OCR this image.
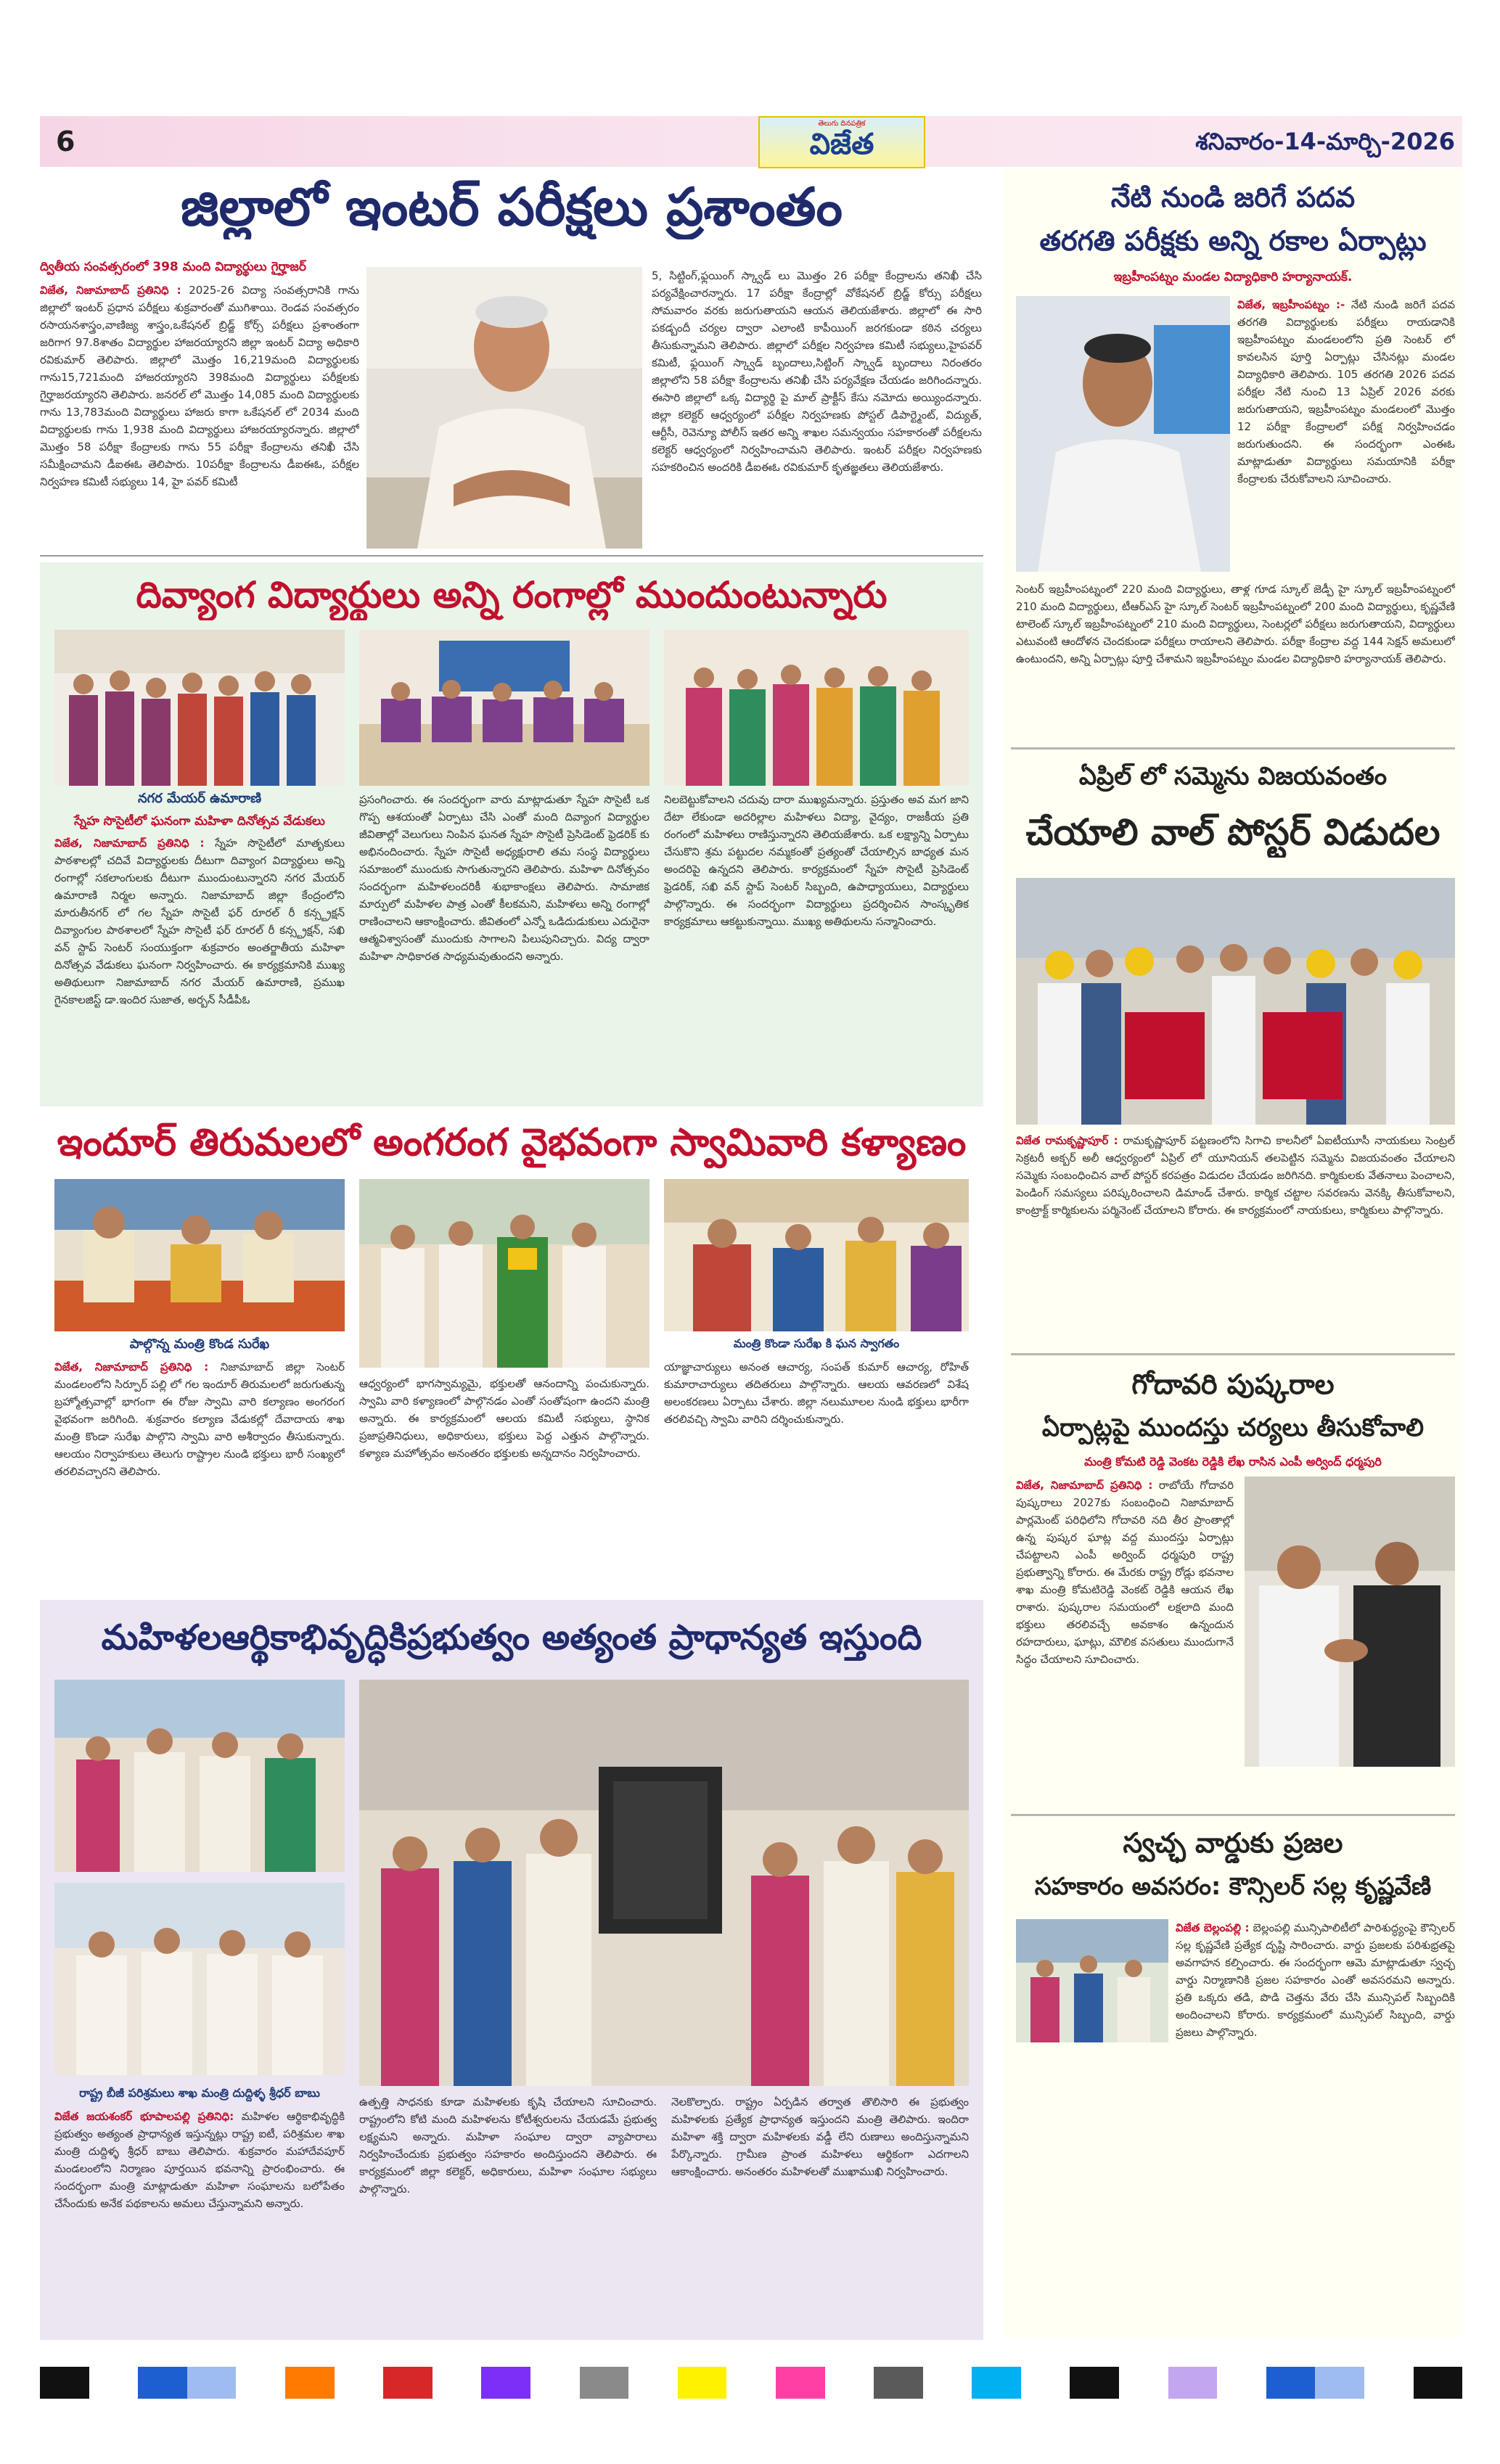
6
తెలుగు దినపత్రిక
విజేత	శనివారం-14-మార్చి-2026
జిల్లాలో ఇంటర్ పరీక్షలు ప్రశాంతం
ద్వితీయ సంవత్సరంలో 398 మంది విద్యార్థులు గైర్హాజర్
విజేత, నిజామాబాద్ ప్రతినిధి : 2025-26 విద్యా సంవత్సరానికి గాను జిల్లాలో ఇంటర్ ప్రధాన పరీక్షలు శుక్రవారంతో ముగిశాయి. రెండవ సంవత్సరం రసాయనశాస్త్రం,వాణిజ్య శాస్త్రం,ఒకేషనల్ బ్రిడ్జ్ కోర్స్ పరీక్షలు ప్రశాంతంగా జరిగాగ 97.8శాతం విద్యార్థుల హాజరయ్యారని జిల్లా ఇంటర్ విద్యా అధికారి రవికుమార్ తెలిపారు. జిల్లాలో మొత్తం 16,219మంది విద్యార్థులకు గాను15,721మంది హాజరయ్యారని 398మంది విద్యార్థులు పరీక్షలకు గైర్హాజరయ్యారని తెలిపారు. జనరల్ లో మొత్తం 14,085 మంది విద్యార్థులకు గాను 13,783మంది విద్యార్థులు హాజరు కాగా ఒకేషనల్ లో 2034 మంది విద్యార్థులకు గాను 1,938 మంది విద్యార్థులు హాజరయ్యారన్నారు. జిల్లాలో మొత్తం 58 పరీక్షా కేంద్రాలకు గాను 55 పరీక్షా కేంద్రాలను తనిఖీ చేసి సమీక్షించామని డీఐఈఓ తెలిపారు. 10పరీక్షా కేంద్రాలను డీఐఈఓ, పరీక్షల నిర్వహణ కమిటీ సభ్యులు 14, హై పవర్ కమిటీ
5, సిట్టింగ్,ఫ్లయింగ్ స్క్వాడ్ లు మొత్తం 26 పరీక్షా కేంద్రాలను తనిఖీ చేసి పర్యవేక్షించారన్నారు. 17 పరీక్షా కేంద్రాల్లో వోకేషనల్ బ్రిడ్జ్ కోర్సు పరీక్షలు సోమవారం వరకు జరుగుతాయని ఆయన తెలియజేశారు. జిల్లాలో ఈ సారి పకడ్బందీ చర్యల ద్వారా ఎలాంటి కాపీయింగ్ జరగకుండా కఠిన చర్యలు తీసుకున్నామని తెలిపారు. జిల్లాలో పరీక్షల నిర్వహణ కమిటీ సభ్యులు,హైపవర్ కమిటీ, ఫ్లయింగ్ స్క్వాడ్ బృందాలు,సిట్టింగ్ స్క్వాడ్ బృందాలు నిరంతరం జిల్లాలోని 58 పరీక్షా కేంద్రాలను తనిఖీ చేసి పర్యవేక్షణ చేయడం జరిగిందన్నారు. ఈసారి జిల్లాలో ఒక్క విద్యార్థి పై మాల్ ప్రాక్టీస్ కేసు నమోదు అయ్యిందన్నారు. జిల్లా కలెక్టర్ ఆధ్వర్యంలో పరీక్షల నిర్వహణకు పోస్టల్ డిపార్ట్మెంట్, విద్యుత్, ఆర్టీసీ, రెవెన్యూ పోలీస్ ఇతర అన్ని శాఖల సమన్వయం సహకారంతో పరీక్షలను కలెక్టర్ ఆధ్వర్యంలో నిర్వహించామని తెలిపారు. ఇంటర్ పరీక్షల నిర్వహణకు సహకరించిన అందరికి డీఐఈఓ రవికుమార్ కృతజ్ఞతలు తెలియజేశారు.
దివ్యాంగ విద్యార్థులు అన్ని రంగాల్లో ముందుంటున్నారు
నగర మేయర్ ఉమారాణి
స్నేహ సొసైటీలో ఘనంగా మహిళా దినోత్సవ వేడుకలు
విజేత, నిజామాబాద్ ప్రతినిధి : స్నేహ సొసైటీలో మాతృకులు పాఠశాలల్లో చదివే విద్యార్థులకు దీటుగా దివ్యాంగ విద్యార్థులు అన్ని రంగాల్లో సకలాంగులకు దీటుగా ముందుంటున్నారని నగర మేయర్ ఉమారాణి నిర్మల అన్నారు. నిజామాబాద్ జిల్లా కేంద్రంలోని మారుతీనగర్ లో గల స్నేహ సొసైటీ ఫర్ రూరల్ రీ కన్స్ట్రక్షన్ దివ్యాంగుల పాఠశాలలో స్నేహ సొసైటీ ఫర్ రూరల్ రీ కన్స్ట్రక్షన్, సఖి వన్ స్టాప్ సెంటర్ సంయుక్తంగా శుక్రవారం అంతర్జాతీయ మహిళా దినోత్సవ వేడుకలు ఘనంగా నిర్వహించారు. ఈ కార్యక్రమానికి ముఖ్య అతిథులుగా నిజామాబాద్ నగర మేయర్ ఉమారాణి, ప్రముఖ గైనకాలజిస్ట్ డా.ఇందిర సుజాత, అర్బన్ సీడీపీఓ
ప్రసంగించారు. ఈ సందర్భంగా వారు మాట్లాడుతూ స్నేహ సొసైటీ ఒక గొప్ప ఆశయంతో ఏర్పాటు చేసి ఎంతో మంది దివ్యాంగ విద్యార్థుల జీవితాల్లో వెలుగులు నింపిన ఘనత స్నేహ సొసైటీ ప్రెసిడెంట్ ఫ్రెడరిక్ కు అభినందించారు. స్నేహ సొసైటీ అధ్యక్షురాలి తమ సంస్థ విద్యార్థులు సమాజంలో ముందుకు సాగుతున్నారని తెలిపారు. మహిళా దినోత్సవం సందర్భంగా మహిళలందరికీ శుభాకాంక్షలు తెలిపారు. సామాజిక మార్పులో మహిళల పాత్ర ఎంతో కీలకమని, మహిళలు అన్ని రంగాల్లో రాణించాలని ఆకాంక్షించారు. జీవితంలో ఎన్నో ఒడిదుడుకులు ఎదురైనా ఆత్మవిశ్వాసంతో ముందుకు సాగాలని పిలుపునిచ్చారు. విద్య ద్వారా మహిళా సాధికారత సాధ్యమవుతుందని అన్నారు.
నిలబెట్టుకోవాలని చదువు దారా ముఖ్యమన్నారు. ప్రస్తుతం అవ మగ జాని దేటా లేకుండా అదరిల్లాల మహిళలు విద్యా, వైద్యం, రాజకీయ ప్రతి రంగంలో మహిళలు రాణిస్తున్నారని తెలియజేశారు. ఒక లక్ష్యాన్ని ఏర్పాటు చేసుకొని శ్రమ పట్టుదల నమ్మకంతో ప్రత్యంతో చేయాల్సిన బాధ్యత మన అందరిపై ఉన్నదని తెలిపారు. కార్యక్రమంలో స్నేహ సొసైటీ ప్రెసిడెంట్ ఫ్రెడరిక్, సఖి వన్ స్టాప్ సెంటర్ సిబ్బంది, ఉపాధ్యాయులు, విద్యార్థులు పాల్గొన్నారు. ఈ సందర్భంగా విద్యార్థులు ప్రదర్శించిన సాంస్కృతిక కార్యక్రమాలు ఆకట్టుకున్నాయి. ముఖ్య అతిథులను సన్మానించారు.
ఇందూర్ తిరుమలలో అంగరంగ వైభవంగా స్వామివారి కళ్యాణం
పాల్గొన్న మంత్రి కొండ సురేఖ
విజేత, నిజామాబాద్ ప్రతినిధి : నిజామాబాద్ జిల్లా సెంటర్ మండలంలోని సిర్పూర్ పల్లి లో గల ఇందూర్ తిరుమలలో జరుగుతున్న బ్రహ్మోత్సవాల్లో భాగంగా ఈ రోజు స్వామి వారి కల్యాణం అంగరంగ వైభవంగా జరిగింది. శుక్రవారం కల్యాణ వేడుకల్లో దేవాదాయ శాఖ మంత్రి కొండా సురేఖ పాల్గొని స్వామి వారి అశీర్వాదం తీసుకున్నారు. ఆలయం నిర్వాహకులు తెలుగు రాష్ట్రాల నుండి భక్తులు భారీ సంఖ్యలో తరలివచ్చారని తెలిపారు.
ఆధ్వర్యంలో భాగస్వామ్యమై, భక్తులతో ఆనందాన్ని పంచుకున్నారు. స్వామి వారి కళ్యాణంలో పాల్గొనడం ఎంతో సంతోషంగా ఉందని మంత్రి అన్నారు. ఈ కార్యక్రమంలో ఆలయ కమిటీ సభ్యులు, స్థానిక ప్రజాప్రతినిధులు, అధికారులు, భక్తులు పెద్ద ఎత్తున పాల్గొన్నారు. కళ్యాణ మహోత్సవం అనంతరం భక్తులకు అన్నదానం నిర్వహించారు.
మంత్రి కొండా సురేఖ కి ఘన స్వాగతం
యాజ్ఞాచార్యులు అనంత ఆచార్య, సంపత్ కుమార్ ఆచార్య, రోహిత్ కుమారాచార్యులు తదితరులు పాల్గొన్నారు. ఆలయ ఆవరణలో విశేష అలంకరణలు ఏర్పాటు చేశారు. జిల్లా నలుమూలల నుండి భక్తులు భారీగా తరలివచ్చి స్వామి వారిని దర్శించుకున్నారు.
మహిళలఆర్థికాభివృద్ధికిప్రభుత్వం అత్యంత ప్రాధాన్యత ఇస్తుంది
రాష్ట్ర బీజీ పరిశ్రమలు శాఖ మంత్రి దుద్దిళ్ళ శ్రీధర్ బాబు
విజేత జయశంకర్ భూపాలపల్లి ప్రతినిధి: మహిళల ఆర్థికాభివృద్ధికి ప్రభుత్వం అత్యంత ప్రాధాన్యత ఇస్తున్నట్లు రాష్ట్ర ఐటీ, పరిశ్రమల శాఖ మంత్రి దుద్దిళ్ళ శ్రీధర్ బాబు తెలిపారు. శుక్రవారం మహాదేవపూర్ మండలంలోని నిర్మాణం పూర్తయిన భవనాన్ని ప్రారంభించారు. ఈ సందర్భంగా మంత్రి మాట్లాడుతూ మహిళా సంఘాలను బలోపేతం చేసేందుకు అనేక పథకాలను అమలు చేస్తున్నామని అన్నారు.
ఉత్పత్తి సాధనకు కూడా మహిళలకు కృషి చేయాలని సూచించారు. రాష్ట్రంలోని కోటి మంది మహిళలను కోటీశ్వరులను చేయడమే ప్రభుత్వ లక్ష్యమని అన్నారు. మహిళా సంఘాల ద్వారా వ్యాపారాలు నిర్వహించేందుకు ప్రభుత్వం సహకారం అందిస్తుందని తెలిపారు. ఈ కార్యక్రమంలో జిల్లా కలెక్టర్, అధికారులు, మహిళా సంఘాల సభ్యులు పాల్గొన్నారు.
నెలకొల్పారు. రాష్ట్రం ఏర్పడిన తర్వాత తొలిసారి ఈ ప్రభుత్వం మహిళలకు ప్రత్యేక ప్రాధాన్యత ఇస్తుందని మంత్రి తెలిపారు. ఇందిరా మహిళా శక్తి ద్వారా మహిళలకు వడ్డీ లేని రుణాలు అందిస్తున్నామని పేర్కొన్నారు. గ్రామీణ ప్రాంత మహిళలు ఆర్థికంగా ఎదగాలని ఆకాంక్షించారు. అనంతరం మహిళలతో ముఖాముఖి నిర్వహించారు.
నేటి నుండి జరిగే పదవ
తరగతి పరీక్షకు అన్ని రకాల ఏర్పాట్లు
ఇబ్రహీంపట్నం మండల విద్యాధికారి హర్యానాయక్.
విజేత, ఇబ్రహీంపట్నం :- నేటి నుండి జరిగే పదవ తరగతి విద్యార్థులకు పరీక్షలు రాయడానికి ఇబ్రహీంపట్నం మండలంలోని ప్రతి సెంటర్ లో కావలసిన పూర్తి ఏర్పాట్లు చేసినట్లు మండల విద్యాధికారి తెలిపారు. 105 తరగతి 2026 పదవ పరీక్షల నేటి నుంచి 13 ఏప్రిల్ 2026 వరకు జరుగుతాయని, ఇబ్రహీంపట్నం మండలంలో మొత్తం 12 పరీక్షా కేంద్రాలలో పరీక్ష నిర్వహించడం జరుగుతుందని. ఈ సందర్భంగా ఎంఈఓ మాట్లాడుతూ విద్యార్థులు సమయానికి పరీక్షా కేంద్రాలకు చేరుకోవాలని సూచించారు.
సెంటర్ ఇబ్రహీంపట్నంలో 220 మంది విద్యార్థులు, తాళ్ల గూడ స్కూల్ జెడ్పీ హై స్కూల్ ఇబ్రహీంపట్నంలో 210 మంది విద్యార్థులు, టీఆర్ఎస్ హై స్కూల్ సెంటర్ ఇబ్రహీంపట్నంలో 200 మంది విద్యార్థులు, కృష్ణవేణి టాలెంట్ స్కూల్ ఇబ్రహీంపట్నంలో 210 మంది విద్యార్థులు, సెంటర్లలో పరీక్షలు జరుగుతాయని, విద్యార్థులు ఎటువంటి ఆందోళన చెందకుండా పరీక్షలు రాయాలని తెలిపారు. పరీక్షా కేంద్రాల వద్ద 144 సెక్షన్ అమలులో ఉంటుందని, అన్ని ఏర్పాట్లు పూర్తి చేశామని ఇబ్రహీంపట్నం మండల విద్యాధికారి హర్యానాయక్ తెలిపారు.
ఏప్రిల్ లో సమ్మెను విజయవంతం
చేయాలి వాల్ పోస్టర్ విడుదల
విజేత రామకృష్ణాపూర్ : రామకృష్ణాపూర్ పట్టణంలోని సిగాచి కాలనీలో ఏఐటీయూసీ నాయకులు సెంట్రల్ సెక్రటరీ అక్బర్ అలీ ఆధ్వర్యంలో ఏప్రిల్ లో యూనియన్ తలపెట్టిన సమ్మెను విజయవంతం చేయాలని సమ్మెకు సంబంధించిన వాల్ పోస్టర్ కరపత్రం విడుదల చేయడం జరిగినది. కార్మికులకు వేతనాలు పెంచాలని, పెండింగ్ సమస్యలు పరిష్కరించాలని డిమాండ్ చేశారు. కార్మిక చట్టాల సవరణను వెనక్కి తీసుకోవాలని, కాంట్రాక్ట్ కార్మికులను పర్మినెంట్ చేయాలని కోరారు. ఈ కార్యక్రమంలో నాయకులు, కార్మికులు పాల్గొన్నారు.
గోదావరి పుష్కరాల
ఏర్పాట్లపై ముందస్తు చర్యలు తీసుకోవాలి
మంత్రి కోమటి రెడ్డి వెంకట రెడ్డికి లేఖ రాసిన ఎంపీ అర్వింద్ ధర్మపురి
విజేత, నిజామాబాద్ ప్రతినిధి : రాబోయే గోదావరి పుష్కరాలు 2027కు సంబంధించి నిజామాబాద్ పార్లమెంట్ పరిధిలోని గోదావరి నది తీర ప్రాంతాల్లో ఉన్న పుష్కర ఘాట్ల వద్ద ముందస్తు ఏర్పాట్లు చేపట్టాలని ఎంపీ అర్వింద్ ధర్మపురి రాష్ట్ర ప్రభుత్వాన్ని కోరారు. ఈ మేరకు రాష్ట్ర రోడ్లు భవనాల శాఖ మంత్రి కోమటిరెడ్డి వెంకట్ రెడ్డికి ఆయన లేఖ రాశారు. పుష్కరాల సమయంలో లక్షలాది మంది భక్తులు తరలివచ్చే అవకాశం ఉన్నందున రహదారులు, ఘాట్లు, మౌలిక వసతులు ముందుగానే సిద్ధం చేయాలని సూచించారు.
స్వచ్ఛ వార్డుకు ప్రజల
సహకారం అవసరం: కౌన్సిలర్ సల్ల కృష్ణవేణి
విజేత బెల్లంపల్లి : బెల్లంపల్లి మున్సిపాలిటీలో పారిశుద్ధ్యంపై కౌన్సిలర్ సల్ల కృష్ణవేణి ప్రత్యేక దృష్టి సారించారు. వార్డు ప్రజలకు పరిశుభ్రతపై అవగాహన కల్పించారు. ఈ సందర్భంగా ఆమె మాట్లాడుతూ స్వచ్ఛ వార్డు నిర్మాణానికి ప్రజల సహకారం ఎంతో అవసరమని అన్నారు. ప్రతి ఒక్కరు తడి, పొడి చెత్తను వేరు చేసి మున్సిపల్ సిబ్బందికి అందించాలని కోరారు. కార్యక్రమంలో మున్సిపల్ సిబ్బంది, వార్డు ప్రజలు పాల్గొన్నారు.
